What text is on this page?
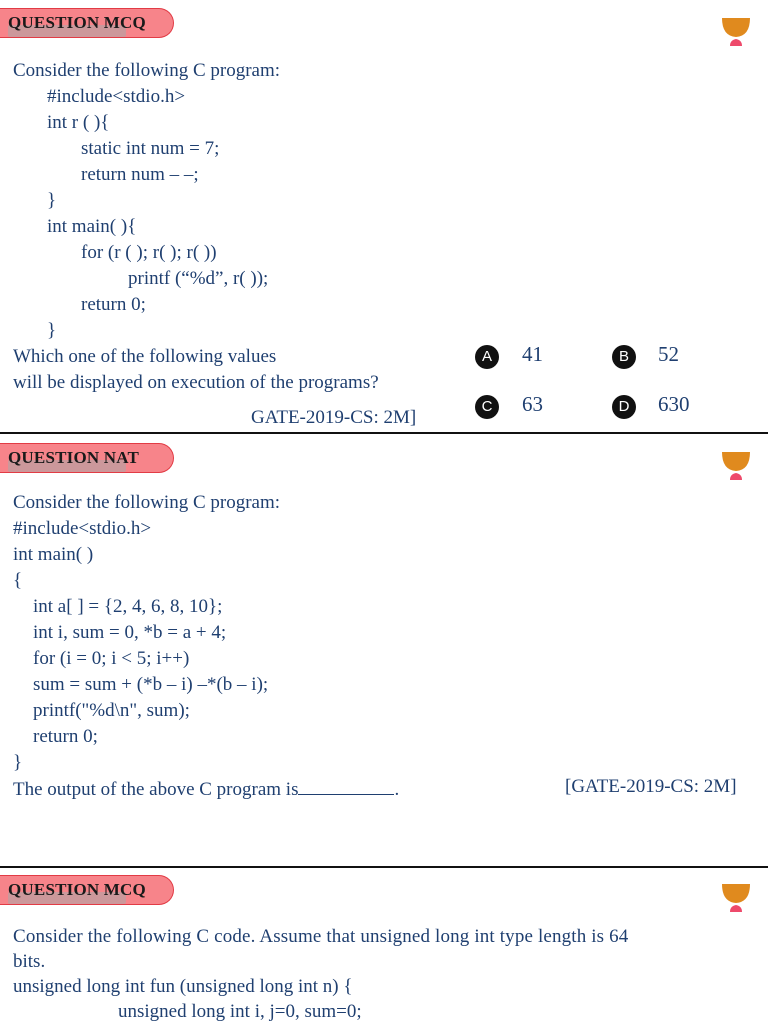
QUESTION MCQ
Consider the following C program:
#include<stdio.h>
int r ( ){
static int num = 7;
return num – –;
}
int main( ){
for (r ( ); r( ); r( ))
printf (“%d”, r( ));
return 0;
}
Which one of the following values
will be displayed on execution of the programs?
GATE-2019-CS: 2M]
A	41	B	52
C	63	D	630
QUESTION NAT
Consider the following C program:
#include<stdio.h>
int main( )
{
int a[ ] = {2, 4, 6, 8, 10};
int i, sum = 0, *b = a + 4;
for (i = 0; i < 5; i++)
sum = sum + (*b – i) –*(b – i);
printf("%d\n", sum);
return 0;
}
The output of the above C program is	.	[GATE-2019-CS: 2M]
QUESTION MCQ
Consider the following C code. Assume that unsigned long int type length is 64
bits.
unsigned long int fun (unsigned long int n) {
unsigned long int i, j=0, sum=0;
